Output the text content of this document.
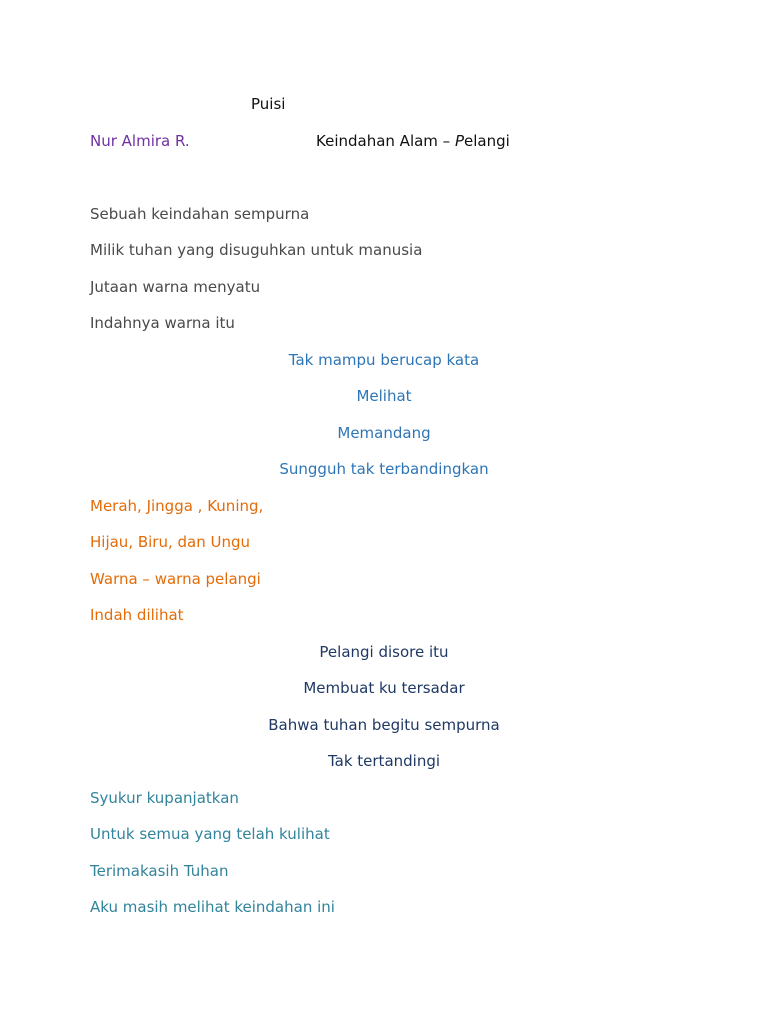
Puisi
Nur Almira R.	Keindahan Alam – Pelangi
Sebuah keindahan sempurna
Milik tuhan yang disuguhkan untuk manusia
Jutaan warna menyatu
Indahnya warna itu
Tak mampu berucap kata
Melihat
Memandang
Sungguh tak terbandingkan
Merah, Jingga , Kuning,
Hijau, Biru, dan Ungu
Warna – warna pelangi
Indah dilihat
Pelangi disore itu
Membuat ku tersadar
Bahwa tuhan begitu sempurna
Tak tertandingi
Syukur kupanjatkan
Untuk semua yang telah kulihat
Terimakasih Tuhan
Aku masih melihat keindahan ini
